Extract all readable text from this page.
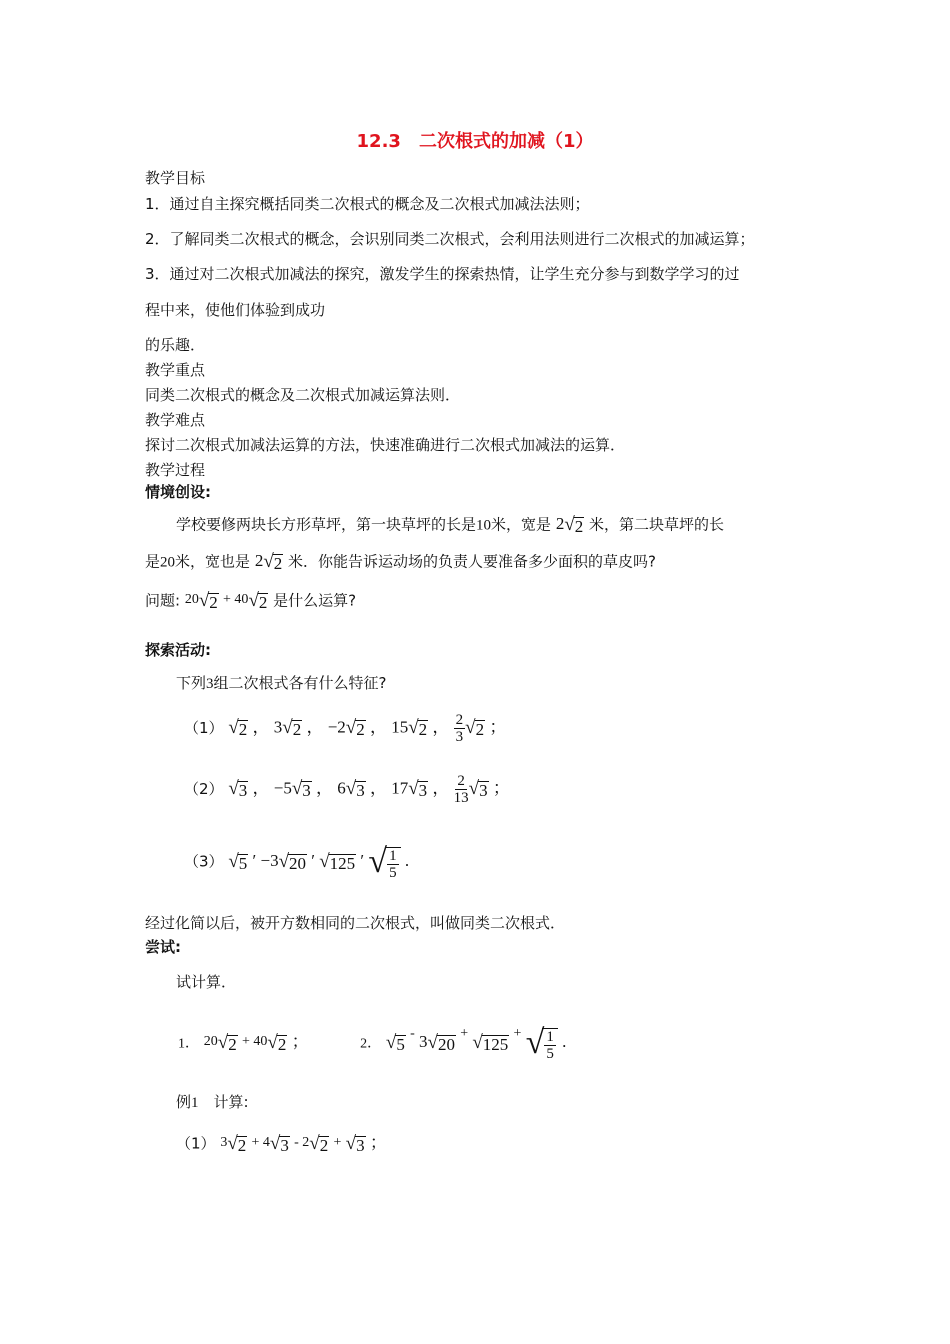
12.3　二次根式的加减（1）
教学目标
1．通过自主探究概括同类二次根式的概念及二次根式加减法法则；
2．了解同类二次根式的概念，会识别同类二次根式，会利用法则进行二次根式的加减运算；
3．通过对二次根式加减法的探究，激发学生的探索热情，让学生充分参与到数学学习的过
程中来，使他们体验到成功
的乐趣．
教学重点
同类二次根式的概念及二次根式加减运算法则．
教学难点
探讨二次根式加减法运算的方法，快速准确进行二次根式加减法的运算．
教学过程
情境创设:
学校要修两块长方形草坪，第一块草坪的长是10米，宽是 2√2 米，第二块草坪的长
是20米，宽也是 2√2 米．你能告诉运动场的负责人要准备多少面积的草皮吗?
问题: $^{20}$√2 $^{+ 40}$√2 是什么运算?
探索活动:
下列3组二次根式各有什么特征?
（1） √2 ， 3√2 ， −2√2 ， 15√2 ， $\frac{2}{3} √2$ ；
（2） √3 ， −5√3 ， 6√3 ， 17√3 ， $\frac{2}{13} √3$ ；
（3） √5 ′ −3√20 ′ √125 ′ √ $\frac{1}{5}$ .
经过化简以后，被开方数相同的二次根式，叫做同类二次根式．
尝试:
试计算．
1． $^{20}$√2 $^{+ 40}$√2 ；	2． √5 - 3√20 + √125 + √ $\frac{1}{5}$ .
例1　 计算:
（1） $^3$√2 $^{+ 4}$√3 $^{- 2}$√2 + √3 ；
